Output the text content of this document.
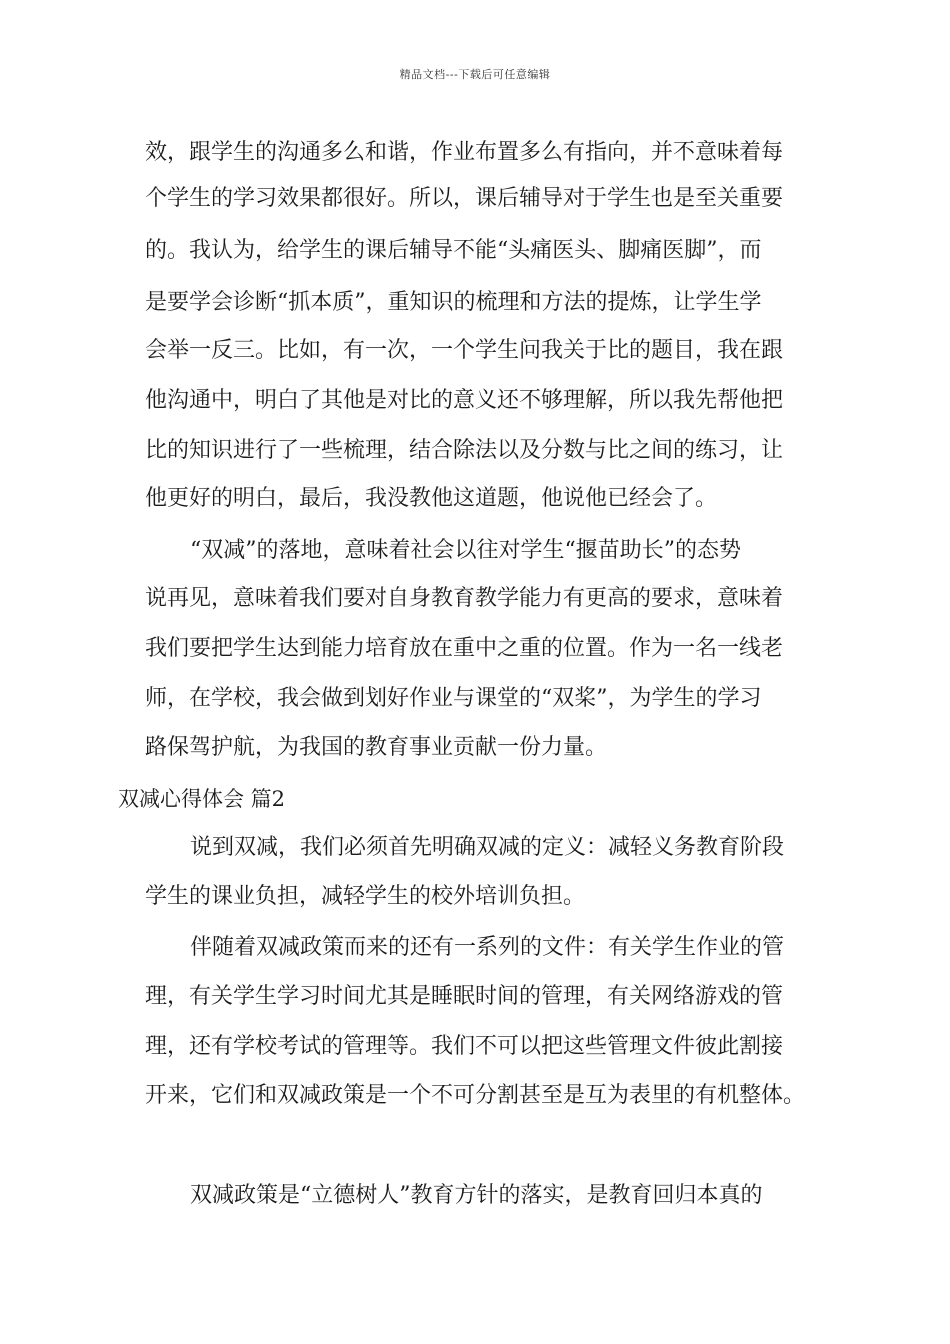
精品文档---下载后可任意编辑
效，跟学生的沟通多么和谐，作业布置多么有指向，并不意味着每
个学生的学习效果都很好。所以，课后辅导对于学生也是至关重要
的。我认为，给学生的课后辅导不能“头痛医头、脚痛医脚”，而
是要学会诊断“抓本质”，重知识的梳理和方法的提炼，让学生学
会举一反三。比如，有一次，一个学生问我关于比的题目，我在跟
他沟通中，明白了其他是对比的意义还不够理解，所以我先帮他把
比的知识进行了一些梳理，结合除法以及分数与比之间的练习，让
他更好的明白，最后，我没教他这道题，他说他已经会了。
“双减”的落地，意味着社会以往对学生“揠苗助长”的态势
说再见，意味着我们要对自身教育教学能力有更高的要求，意味着
我们要把学生达到能力培育放在重中之重的位置。作为一名一线老
师，在学校，我会做到划好作业与课堂的“双桨”，为学生的学习
路保驾护航，为我国的教育事业贡献一份力量。
双减心得体会 篇2
说到双减，我们必须首先明确双减的定义：减轻义务教育阶段
学生的课业负担，减轻学生的校外培训负担。
伴随着双减政策而来的还有一系列的文件：有关学生作业的管
理，有关学生学习时间尤其是睡眠时间的管理，有关网络游戏的管
理，还有学校考试的管理等。我们不可以把这些管理文件彼此割接
开来，它们和双减政策是一个不可分割甚至是互为表里的有机整体。
双减政策是“立德树人”教育方针的落实，是教育回归本真的
